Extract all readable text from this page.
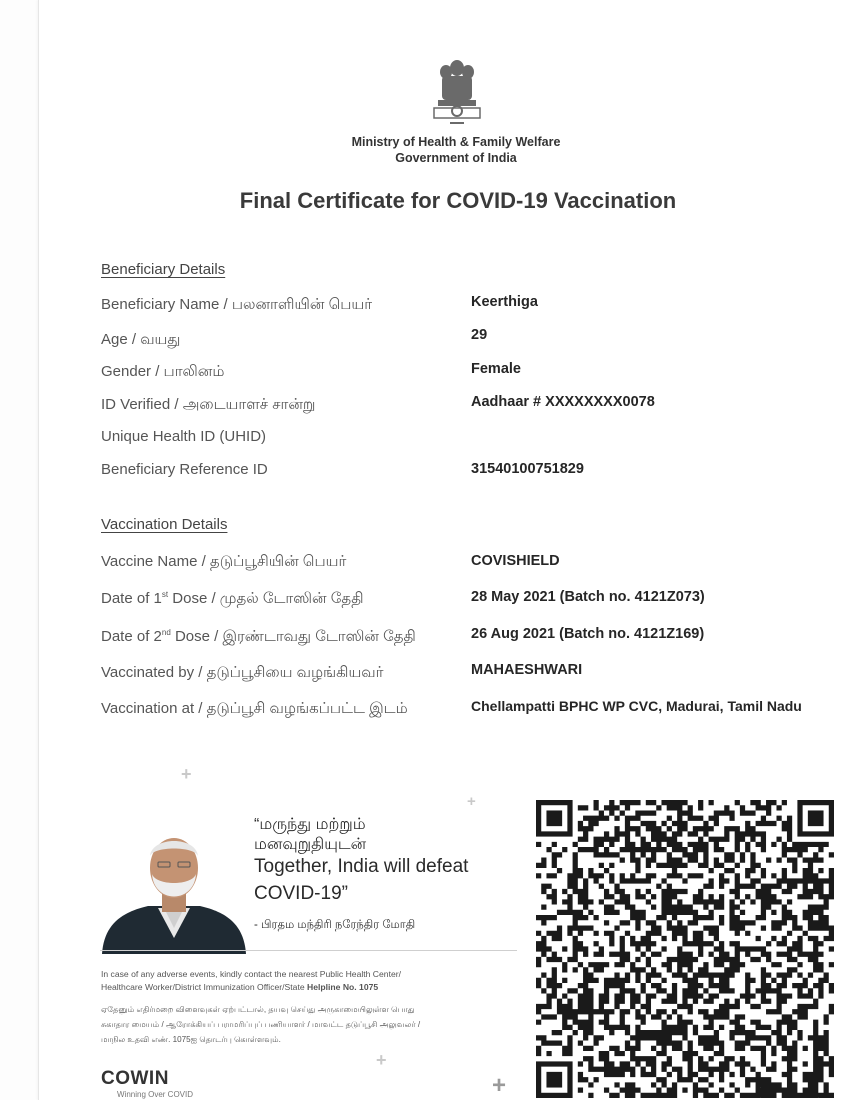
Ministry of Health & Family Welfare
Government of India
Final Certificate for COVID-19 Vaccination
Beneficiary Details
Beneficiary Name / பலனாளியின் பெயர்	Keerthiga
Age / வயது	29
Gender / பாலினம்	Female
ID Verified / அடையாளச் சான்று	Aadhaar # XXXXXXXX0078
Unique Health ID (UHID)
Beneficiary Reference ID	31540100751829
Vaccination Details
Vaccine Name / தடுப்பூசியின் பெயர்	COVISHIELD
Date of 1st Dose / முதல் டோஸின் தேதி	28 May 2021 (Batch no. 4121Z073)
Date of 2nd Dose / இரண்டாவது டோஸின் தேதி	26 Aug 2021 (Batch no. 4121Z169)
Vaccinated by / தடுப்பூசியை வழங்கியவர்	MAHAESHWARI
Vaccination at / தடுப்பூசி வழங்கப்பட்ட இடம்	Chellampatti BPHC WP CVC, Madurai, Tamil Nadu
+
+
+
+
“மருந்து மற்றும்
மனவுறுதியுடன்
Together, India will defeat
COVID-19”
- பிரதம மந்திரி நரேந்திர மோதி
In case of any adverse events, kindly contact the nearest Public Health Center/
Healthcare Worker/District Immunization Officer/State Helpline No. 1075
ஏதேனும் எதிர்மறை விளைவுகள் ஏற்பட்டால், தயவு செய்து அருகாமையிலுள்ள பொது
சுகாதார மையம் / ஆரோக்கியப் பராமரிப்புப் பணியாளர் / மாவட்ட தடுப்பூசி அலுவலர் /
மாநில உதவி எண். 1075ஐ தொடர்பு கொள்ளவும்.
COWIN
Winning Over COVID
